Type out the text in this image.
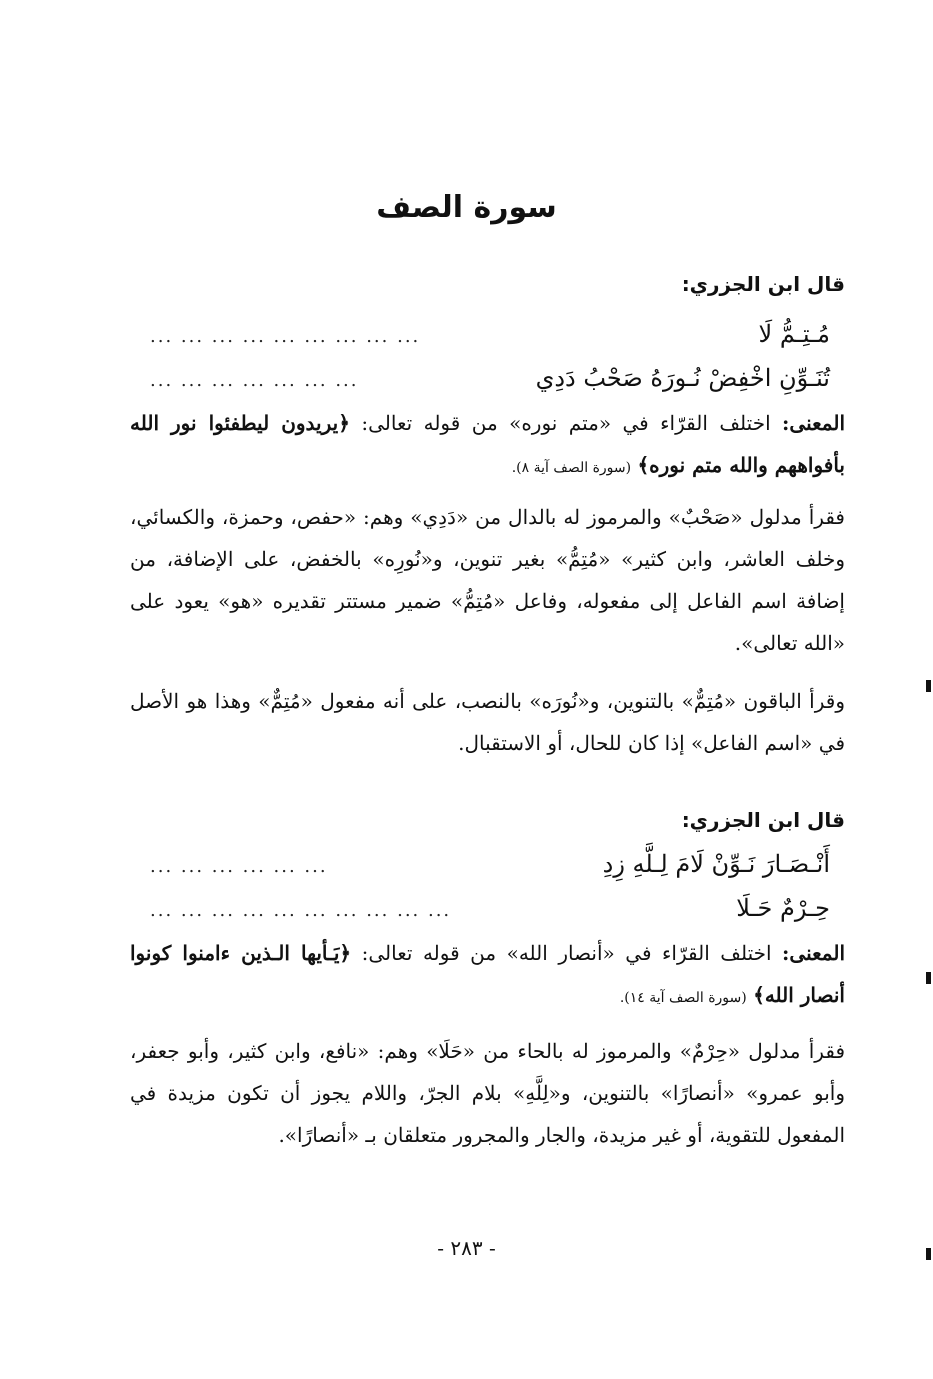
سورة الصف
قال ابن الجزري:
مُـتِـمُّ لَا
... ... ... ... ... ... ... ... ...
تُنَـوِّنِ اخْفِضْ نُـورَهُ صَحْبُ دَدِي
... ... ... ... ... ... ...
المعنى: اختلف القرّاء في «متم نوره» من قوله تعالى: ﴿يريدون ليطفئوا نور الله بأفواههم والله متم نوره﴾ (سورة الصف آية ٨).
فقرأ مدلول «صَحْبٌ» والمرموز له بالدال من «دَدِي» وهم: «حفص، وحمزة، والكسائي، وخلف العاشر، وابن كثير» «مُتِمُّ» بغير تنوين، و«نُورِه» بالخفض، على الإضافة، من إضافة اسم الفاعل إلى مفعوله، وفاعل «مُتِمُّ» ضمير مستتر تقديره «هو» يعود على «الله تعالى».
وقرأ الباقون «مُتِمٌّ» بالتنوين، و«نُورَه» بالنصب، على أنه مفعول «مُتِمٌّ» وهذا هو الأصل في «اسم الفاعل» إذا كان للحال، أو الاستقبال.
قال ابن الجزري:
أَنْـصَـارَ نَـوِّنْ لَامَ لِـلَّهِ زِدِ
... ... ... ... ... ...
حِـرْمٌ حَـلَا
... ... ... ... ... ... ... ... ... ...
المعنى: اختلف القرّاء في «أنصار الله» من قوله تعالى: ﴿يَـأيها الـذين ءامنوا كونوا أنصار الله﴾ (سورة الصف آية ١٤).
فقرأ مدلول «حِرْمٌ» والمرموز له بالحاء من «حَلَا» وهم: «نافع، وابن كثير، وأبو جعفر، وأبو عمرو» «أنصارًا» بالتنوين، و«لِلَّهِ» بلام الجرّ، واللام يجوز أن تكون مزيدة في المفعول للتقوية، أو غير مزيدة، والجار والمجرور متعلقان بـ «أنصارًا».
- ٢٨٣ -
